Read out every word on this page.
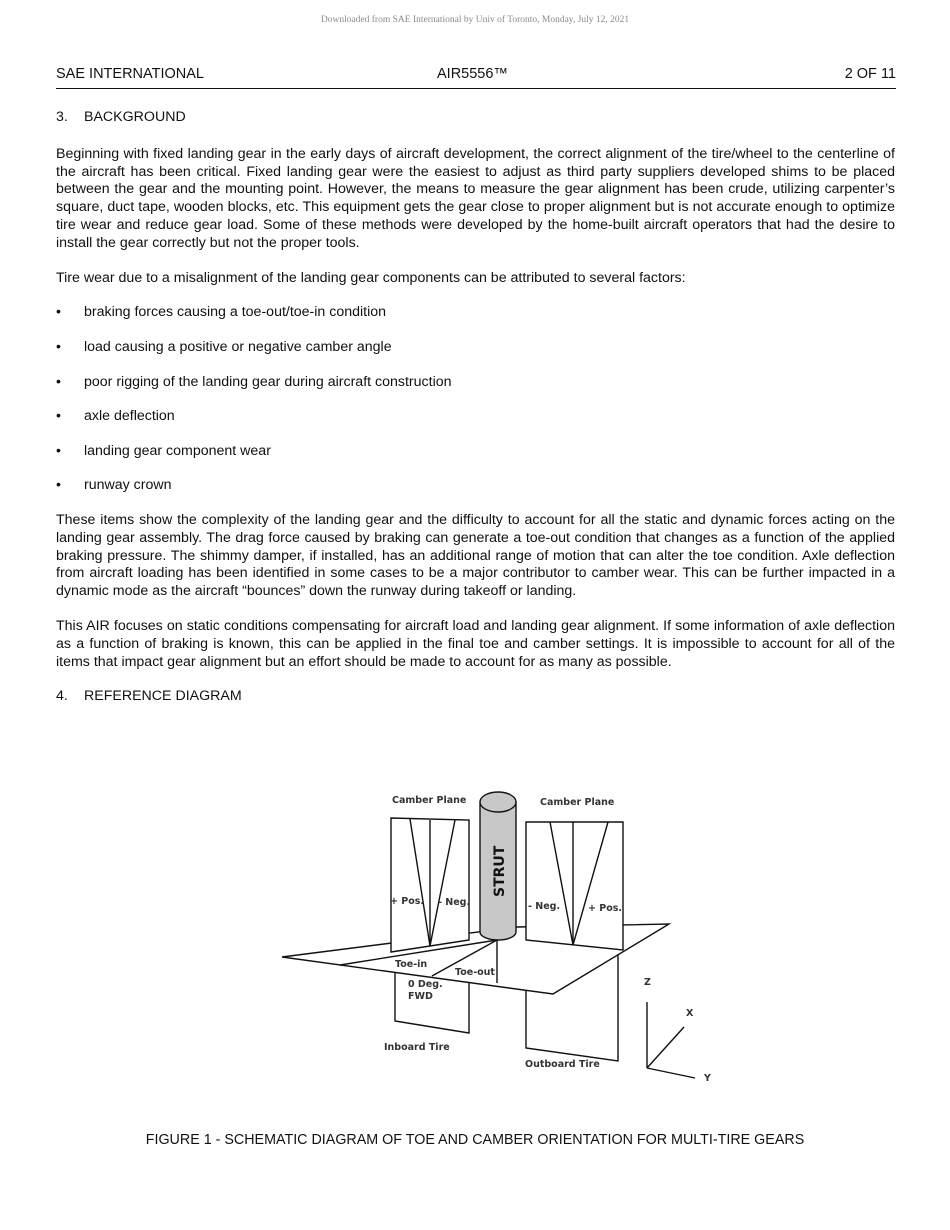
Downloaded from SAE International by Univ of Toronto, Monday, July 12, 2021
SAE INTERNATIONAL	AIR5556™	2 OF 11
3. BACKGROUND

Beginning with fixed landing gear in the early days of aircraft development, the correct alignment of the tire/wheel to the centerline of the aircraft has been critical. Fixed landing gear were the easiest to adjust as third party suppliers developed shims to be placed between the gear and the mounting point. However, the means to measure the gear alignment has been crude, utilizing carpenter’s square, duct tape, wooden blocks, etc. This equipment gets the gear close to proper alignment but is not accurate enough to optimize tire wear and reduce gear load. Some of these methods were developed by the home-built aircraft operators that had the desire to install the gear correctly but not the proper tools.

Tire wear due to a misalignment of the landing gear components can be attributed to several factors:

• braking forces causing a toe-out/toe-in condition
• load causing a positive or negative camber angle
• poor rigging of the landing gear during aircraft construction
• axle deflection
• landing gear component wear
• runway crown

These items show the complexity of the landing gear and the difficulty to account for all the static and dynamic forces acting on the landing gear assembly. The drag force caused by braking can generate a toe-out condition that changes as a function of the applied braking pressure. The shimmy damper, if installed, has an additional range of motion that can alter the toe condition. Axle deflection from aircraft loading has been identified in some cases to be a major contributor to camber wear. This can be further impacted in a dynamic mode as the aircraft “bounces” down the runway during takeoff or landing.

This AIR focuses on static conditions compensating for aircraft load and landing gear alignment. If some information of axle deflection as a function of braking is known, this can be applied in the final toe and camber settings. It is impossible to account for all of the items that impact gear alignment but an effort should be made to account for as many as possible.

4. REFERENCE DIAGRAM
Camber Plane	Camber Plane
STRUT
+ Pos. - Neg.	- Neg.	+ Pos.
Toe-in
Toe-out
0 Deg.
FWD
Inboard Tire
Outboard Tire
Z
X
Y
FIGURE 1 - SCHEMATIC DIAGRAM OF TOE AND CAMBER ORIENTATION FOR MULTI-TIRE GEARS
